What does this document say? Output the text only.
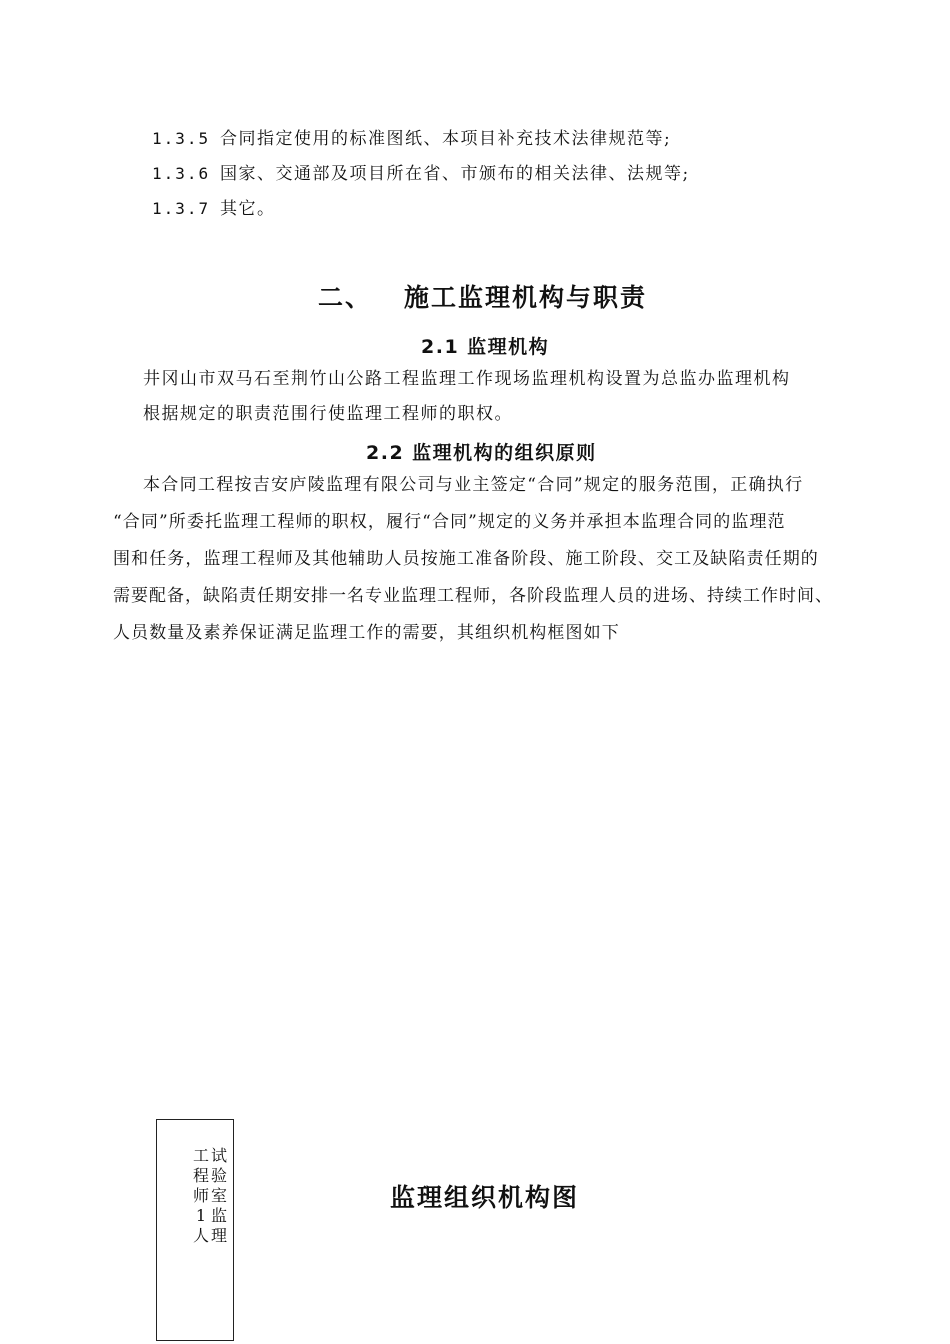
1.3.5 合同指定使用的标准图纸、本项目补充技术法律规范等;
1.3.6 国家、交通部及项目所在省、市颁布的相关法律、法规等;
1.3.7 其它。
二、 施工监理机构与职责
2.1 监理机构
井冈山市双马石至荆竹山公路工程监理工作现场监理机构设置为总监办监理机构
根据规定的职责范围行使监理工程师的职权。
2.2 监理机构的组织原则
本合同工程按吉安庐陵监理有限公司与业主签定“合同”规定的服务范围，正确执行
“合同”所委托监理工程师的职权，履行“合同”规定的义务并承担本监理合同的监理范
围和任务，监理工程师及其他辅助人员按施工准备阶段、施工阶段、交工及缺陷责任期的
需要配备，缺陷责任期安排一名专业监理工程师，各阶段监理人员的进场、持续工作时间、
人员数量及素养保证满足监理工作的需要，其组织机构框图如下
试验室监理
工程师1人
监理组织机构图
